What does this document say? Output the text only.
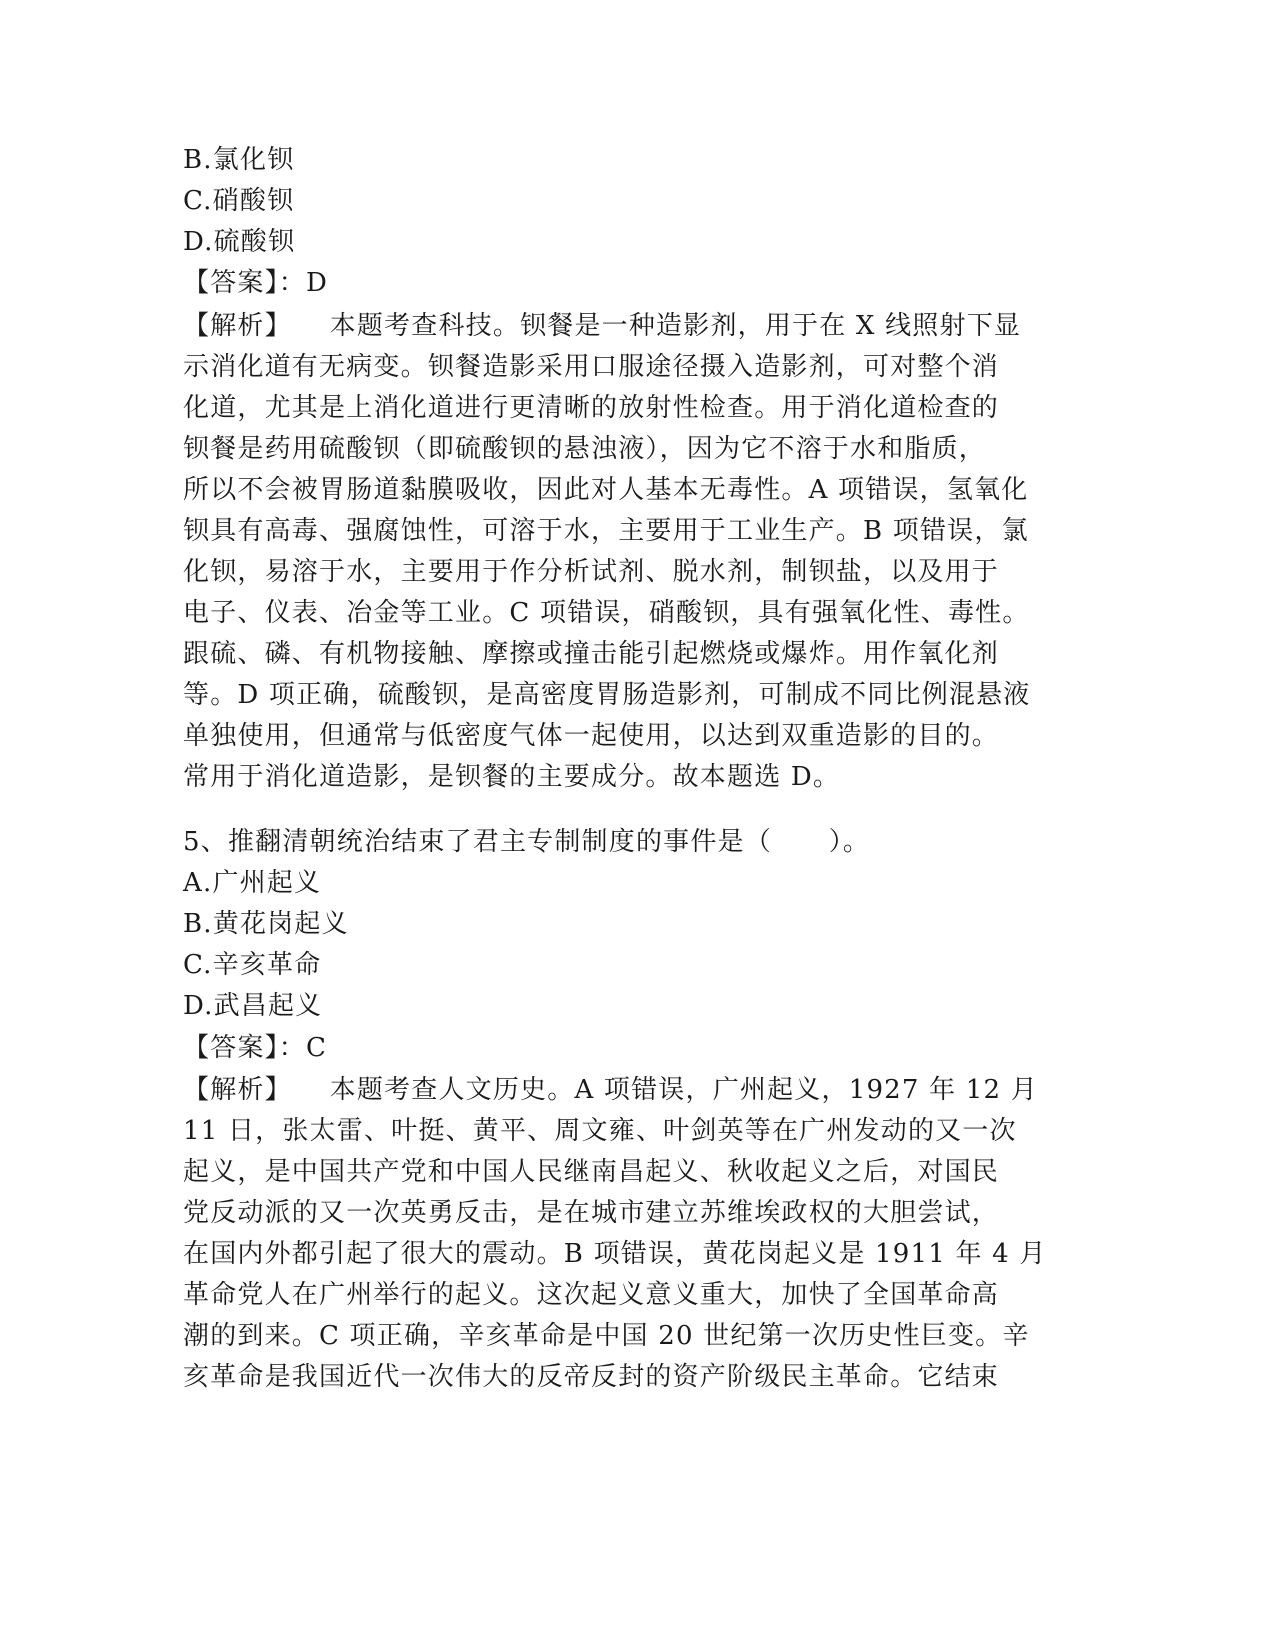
B.氯化钡
C.硝酸钡
D.硫酸钡
【答案】：D
【解析】    本题考查科技。钡餐是一种造影剂，用于在 X 线照射下显
示消化道有无病变。钡餐造影采用口服途径摄入造影剂，可对整个消
化道，尤其是上消化道进行更清晰的放射性检查。用于消化道检查的
钡餐是药用硫酸钡（即硫酸钡的悬浊液），因为它不溶于水和脂质，
所以不会被胃肠道黏膜吸收，因此对人基本无毒性。A 项错误，氢氧化
钡具有高毒、强腐蚀性，可溶于水，主要用于工业生产。B 项错误，氯
化钡，易溶于水，主要用于作分析试剂、脱水剂，制钡盐，以及用于
电子、仪表、冶金等工业。C 项错误，硝酸钡，具有强氧化性、毒性。
跟硫、磷、有机物接触、摩擦或撞击能引起燃烧或爆炸。用作氧化剂
等。D 项正确，硫酸钡，是高密度胃肠造影剂，可制成不同比例混悬液
单独使用，但通常与低密度气体一起使用，以达到双重造影的目的。
常用于消化道造影，是钡餐的主要成分。故本题选 D。
5、推翻清朝统治结束了君主专制制度的事件是（      ）。
A.广州起义
B.黄花岗起义
C.辛亥革命
D.武昌起义
【答案】：C
【解析】    本题考查人文历史。A 项错误，广州起义，1927 年 12 月
11 日，张太雷、叶挺、黄平、周文雍、叶剑英等在广州发动的又一次
起义，是中国共产党和中国人民继南昌起义、秋收起义之后，对国民
党反动派的又一次英勇反击，是在城市建立苏维埃政权的大胆尝试，
在国内外都引起了很大的震动。B 项错误，黄花岗起义是 1911 年 4 月
革命党人在广州举行的起义。这次起义意义重大，加快了全国革命高
潮的到来。C 项正确，辛亥革命是中国 20 世纪第一次历史性巨变。辛
亥革命是我国近代一次伟大的反帝反封的资产阶级民主革命。它结束
